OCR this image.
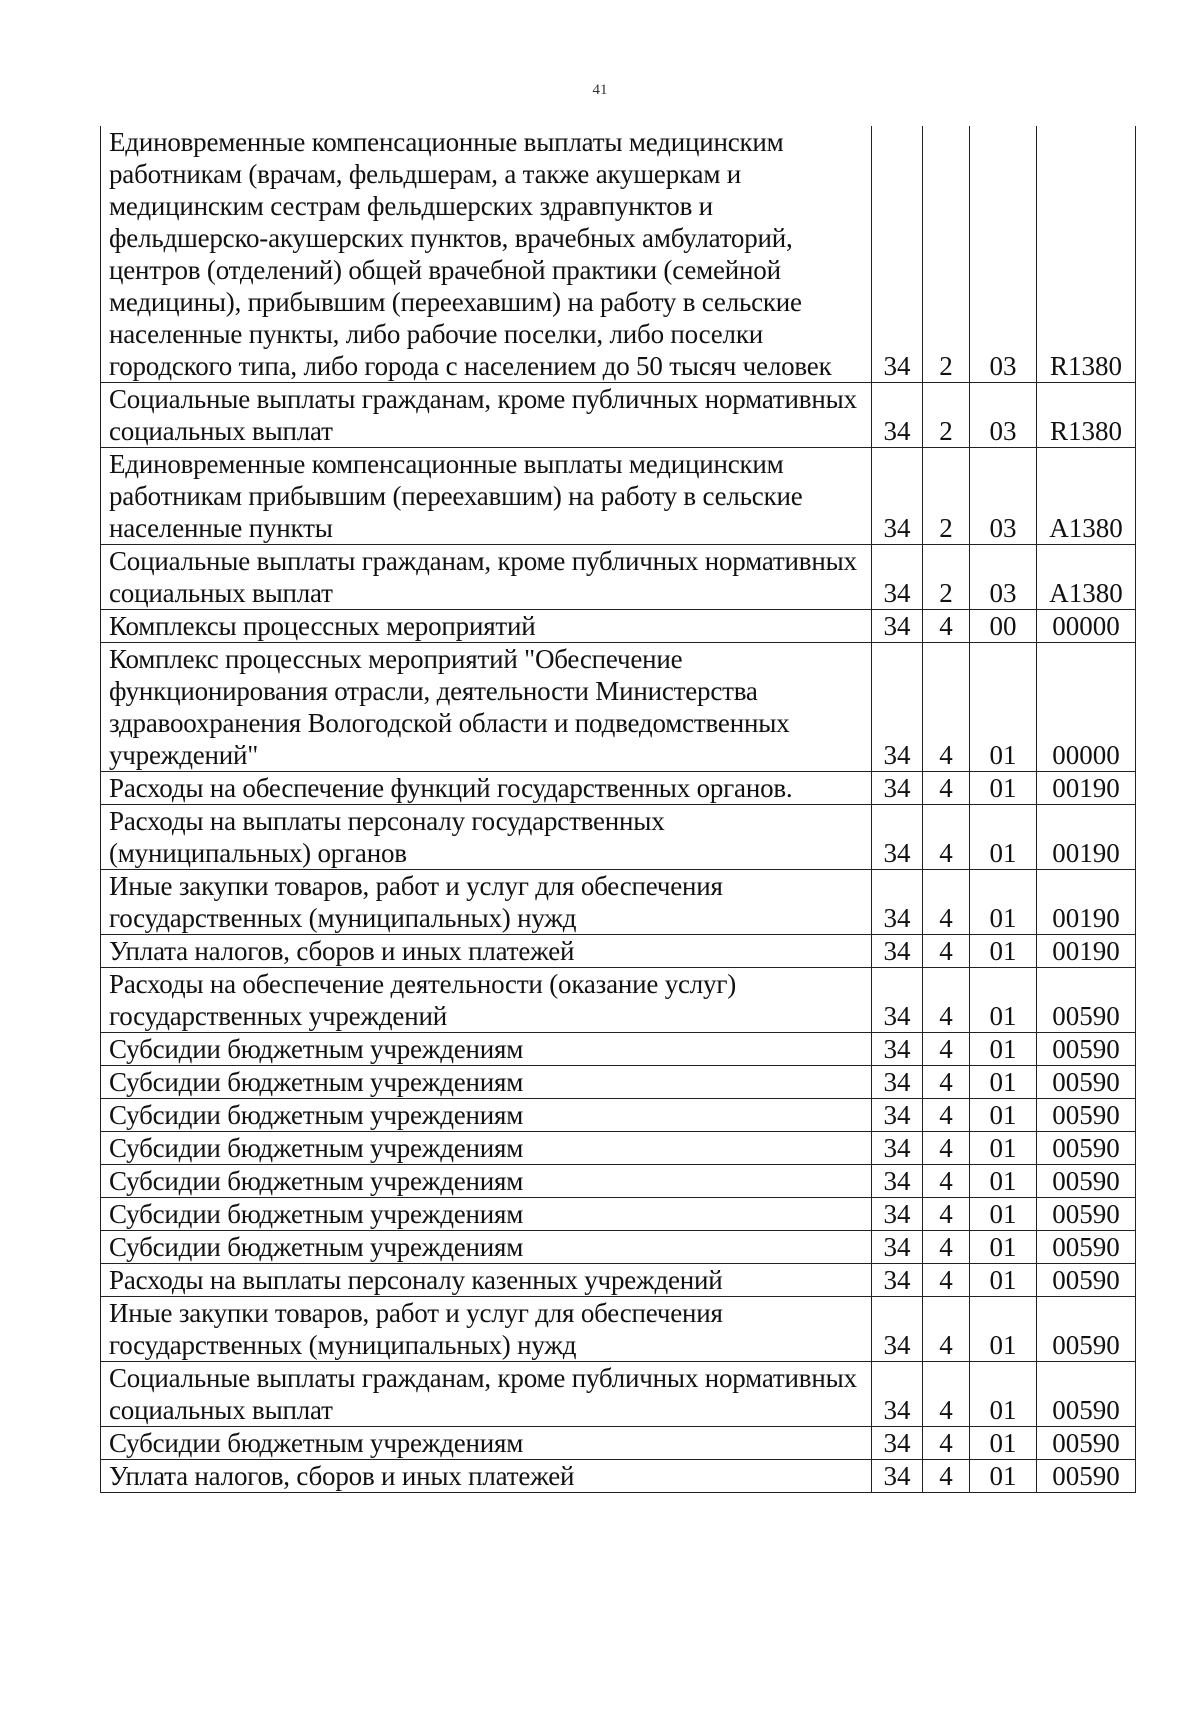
41
Единовременные компенсационные выплаты медицинским работникам (врачам, фельдшерам, а также акушеркам и медицинским сестрам фельдшерских здравпунктов и фельдшерско-акушерских пунктов, врачебных амбулаторий, центров (отделений) общей врачебной практики (семейной медицины), прибывшим (переехавшим) на работу в сельские населенные пункты, либо рабочие поселки, либо поселки городского типа, либо города с населением до 50 тысяч человек	34	2	03	R1380
Социальные выплаты гражданам, кроме публичных нормативных социальных выплат	34	2	03	R1380
Единовременные компенсационные выплаты медицинским работникам прибывшим (переехавшим) на работу в сельские населенные пункты	34	2	03	A1380
Социальные выплаты гражданам, кроме публичных нормативных социальных выплат	34	2	03	A1380
Комплексы процессных мероприятий	34	4	00	00000
Комплекс процессных мероприятий "Обеспечение функционирования отрасли, деятельности Министерства здравоохранения Вологодской области и подведомственных учреждений"	34	4	01	00000
Расходы на обеспечение функций государственных органов.	34	4	01	00190
Расходы на выплаты персоналу государственных (муниципальных) органов	34	4	01	00190
Иные закупки товаров, работ и услуг для обеспечения государственных (муниципальных) нужд	34	4	01	00190
Уплата налогов, сборов и иных платежей	34	4	01	00190
Расходы на обеспечение деятельности (оказание услуг) государственных учреждений	34	4	01	00590
Субсидии бюджетным учреждениям	34	4	01	00590
Субсидии бюджетным учреждениям	34	4	01	00590
Субсидии бюджетным учреждениям	34	4	01	00590
Субсидии бюджетным учреждениям	34	4	01	00590
Субсидии бюджетным учреждениям	34	4	01	00590
Субсидии бюджетным учреждениям	34	4	01	00590
Субсидии бюджетным учреждениям	34	4	01	00590
Расходы на выплаты персоналу казенных учреждений	34	4	01	00590
Иные закупки товаров, работ и услуг для обеспечения государственных (муниципальных) нужд	34	4	01	00590
Социальные выплаты гражданам, кроме публичных нормативных социальных выплат	34	4	01	00590
Субсидии бюджетным учреждениям	34	4	01	00590
Уплата налогов, сборов и иных платежей	34	4	01	00590
